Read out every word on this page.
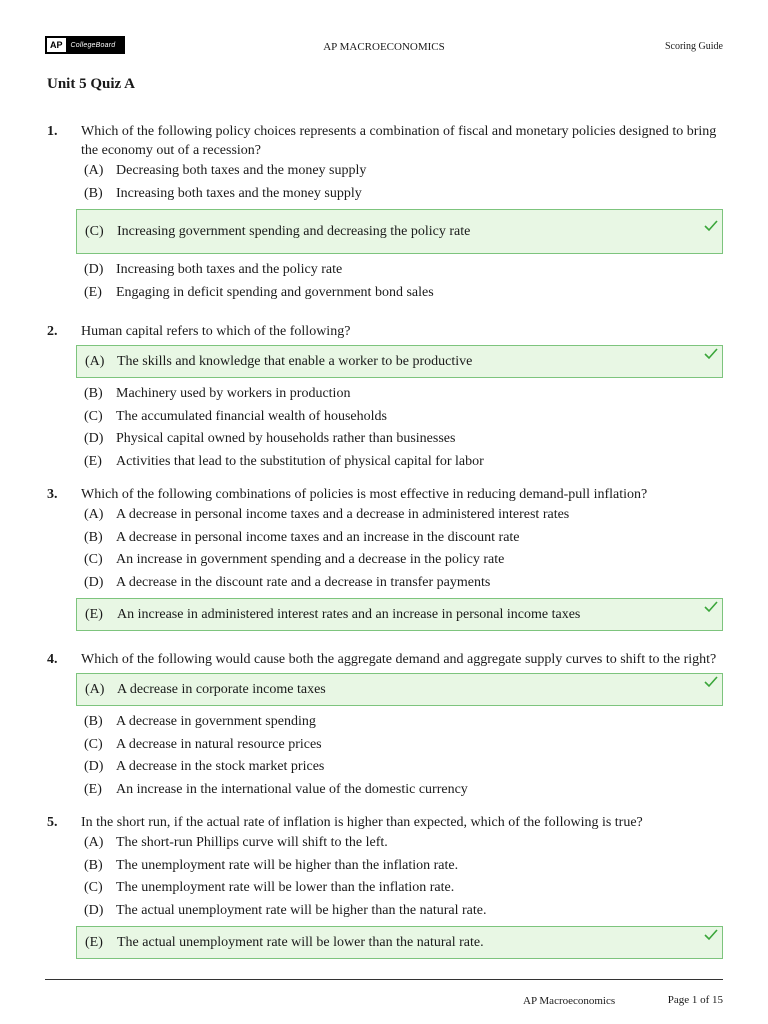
AP	CollegeBoard	AP MACROECONOMICS	Scoring Guide
Unit 5 Quiz A
1.	Which of the following policy choices represents a combination of fiscal and monetary policies designed to bring the economy out of a recession?
(A) Decreasing both taxes and the money supply
(B) Increasing both taxes and the money supply
(C) Increasing government spending and decreasing the policy rate
(D) Increasing both taxes and the policy rate
(E)	Engaging in deficit spending and government bond sales
2.	Human capital refers to which of the following?
(A) The skills and knowledge that enable a worker to be productive
(B) Machinery used by workers in production
(C) The accumulated financial wealth of households
(D) Physical capital owned by households rather than businesses
(E)	Activities that lead to the substitution of physical capital for labor
3.	Which of the following combinations of policies is most effective in reducing demand-pull inflation?
(A) A decrease in personal income taxes and a decrease in administered interest rates
(B) A decrease in personal income taxes and an increase in the discount rate
(C) An increase in government spending and a decrease in the policy rate
(D) A decrease in the discount rate and a decrease in transfer payments
(E)	An increase in administered interest rates and an increase in personal income taxes
4.	Which of the following would cause both the aggregate demand and aggregate supply curves to shift to the right?
(A) A decrease in corporate income taxes
(B) A decrease in government spending
(C) A decrease in natural resource prices
(D) A decrease in the stock market prices
(E)	An increase in the international value of the domestic currency
5.	In the short run, if the actual rate of inflation is higher than expected, which of the following is true?
(A) The short-run Phillips curve will shift to the left.
(B) The unemployment rate will be higher than the inflation rate.
(C) The unemployment rate will be lower than the inflation rate.
(D) The actual unemployment rate will be higher than the natural rate.
(E)	The actual unemployment rate will be lower than the natural rate.
AP Macroeconomics	Page 1 of 15
